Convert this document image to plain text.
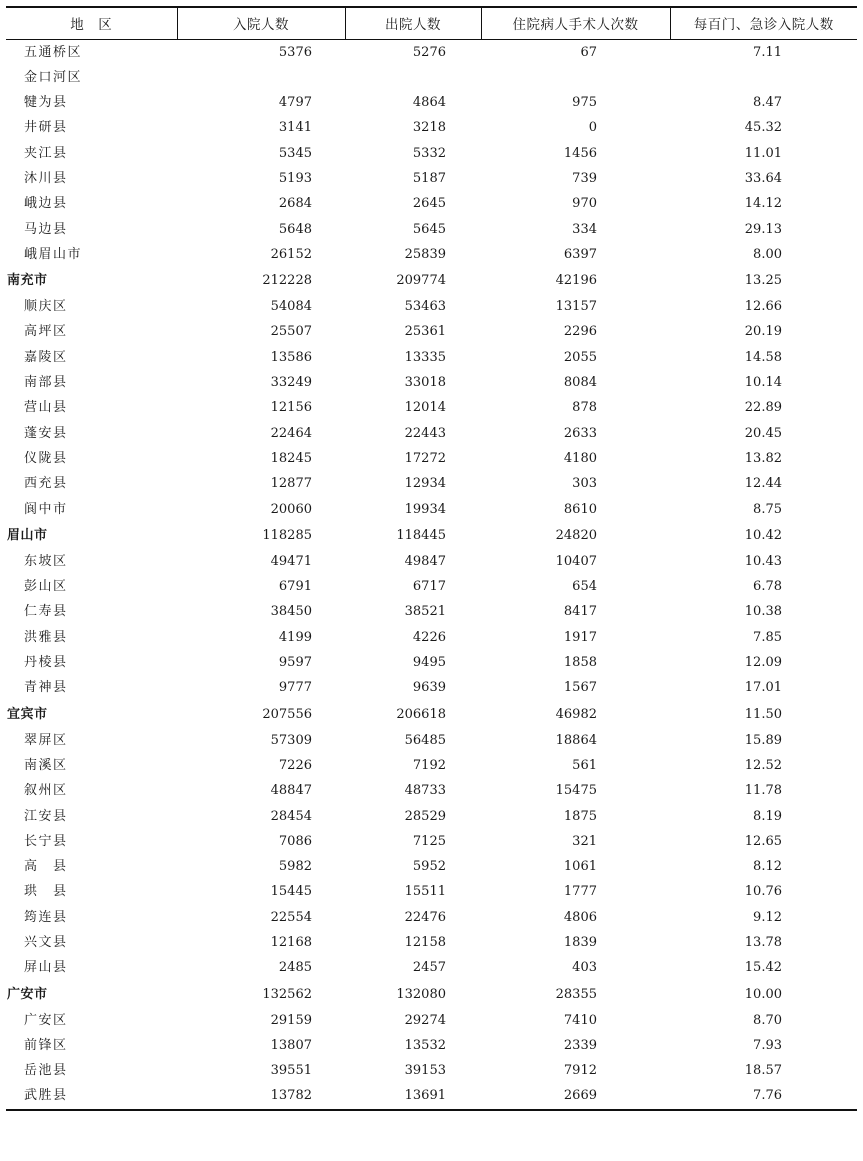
地　区	入院人数	出院人数	住院病人手术人次数	每百门、急诊入院人数
五通桥区	5376	5276	67	7.11
金口河区				
犍为县	4797	4864	975	8.47
井研县	3141	3218	0	45.32
夹江县	5345	5332	1456	11.01
沐川县	5193	5187	739	33.64
峨边县	2684	2645	970	14.12
马边县	5648	5645	334	29.13
峨眉山市	26152	25839	6397	8.00
南充市	212228	209774	42196	13.25
顺庆区	54084	53463	13157	12.66
高坪区	25507	25361	2296	20.19
嘉陵区	13586	13335	2055	14.58
南部县	33249	33018	8084	10.14
营山县	12156	12014	878	22.89
蓬安县	22464	22443	2633	20.45
仪陇县	18245	17272	4180	13.82
西充县	12877	12934	303	12.44
阆中市	20060	19934	8610	8.75
眉山市	118285	118445	24820	10.42
东坡区	49471	49847	10407	10.43
彭山区	6791	6717	654	6.78
仁寿县	38450	38521	8417	10.38
洪雅县	4199	4226	1917	7.85
丹棱县	9597	9495	1858	12.09
青神县	9777	9639	1567	17.01
宜宾市	207556	206618	46982	11.50
翠屏区	57309	56485	18864	15.89
南溪区	7226	7192	561	12.52
叙州区	48847	48733	15475	11.78
江安县	28454	28529	1875	8.19
长宁县	7086	7125	321	12.65
高　县	5982	5952	1061	8.12
珙　县	15445	15511	1777	10.76
筠连县	22554	22476	4806	9.12
兴文县	12168	12158	1839	13.78
屏山县	2485	2457	403	15.42
广安市	132562	132080	28355	10.00
广安区	29159	29274	7410	8.70
前锋区	13807	13532	2339	7.93
岳池县	39551	39153	7912	18.57
武胜县	13782	13691	2669	7.76
